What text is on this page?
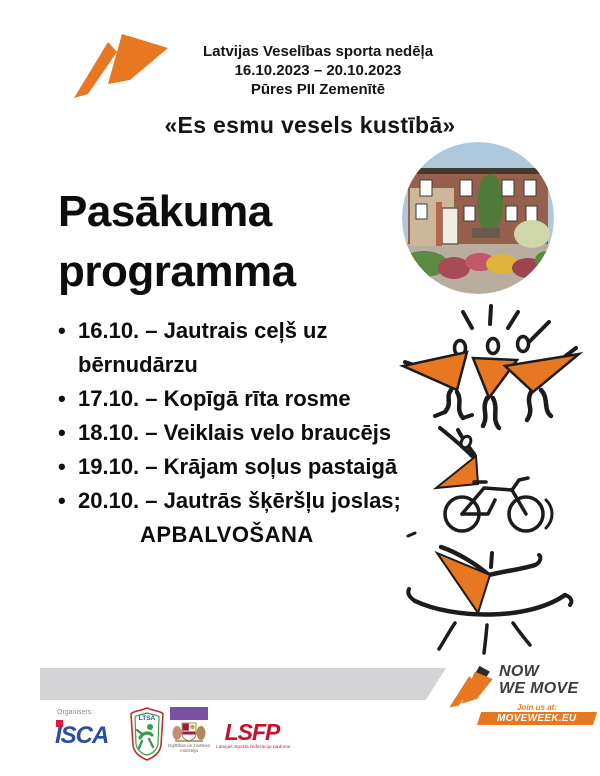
Latvijas Veselības sporta nedēļa
16.10.2023 – 20.10.2023
Pūres PII Zemenītē
«Es esmu vesels kustībā»
Pasākuma programma
• 16.10. – Jautrais ceļš uz bērnudārzu
• 17.10. – Kopīgā rīta rosme
• 18.10. – Veiklais velo braucējs
• 19.10. – Krājam soļus pastaigā
• 20.10. – Jautrās šķēršļu joslas;
APBALVOŠANA
NOW
WE MOVE
Join us at:
MOVEWEEK.EU
Organisers:
ISCA
LTSA
Izglītības un zinātnes ministrija
LSFP
Latvijas Sporta federāciju padome
